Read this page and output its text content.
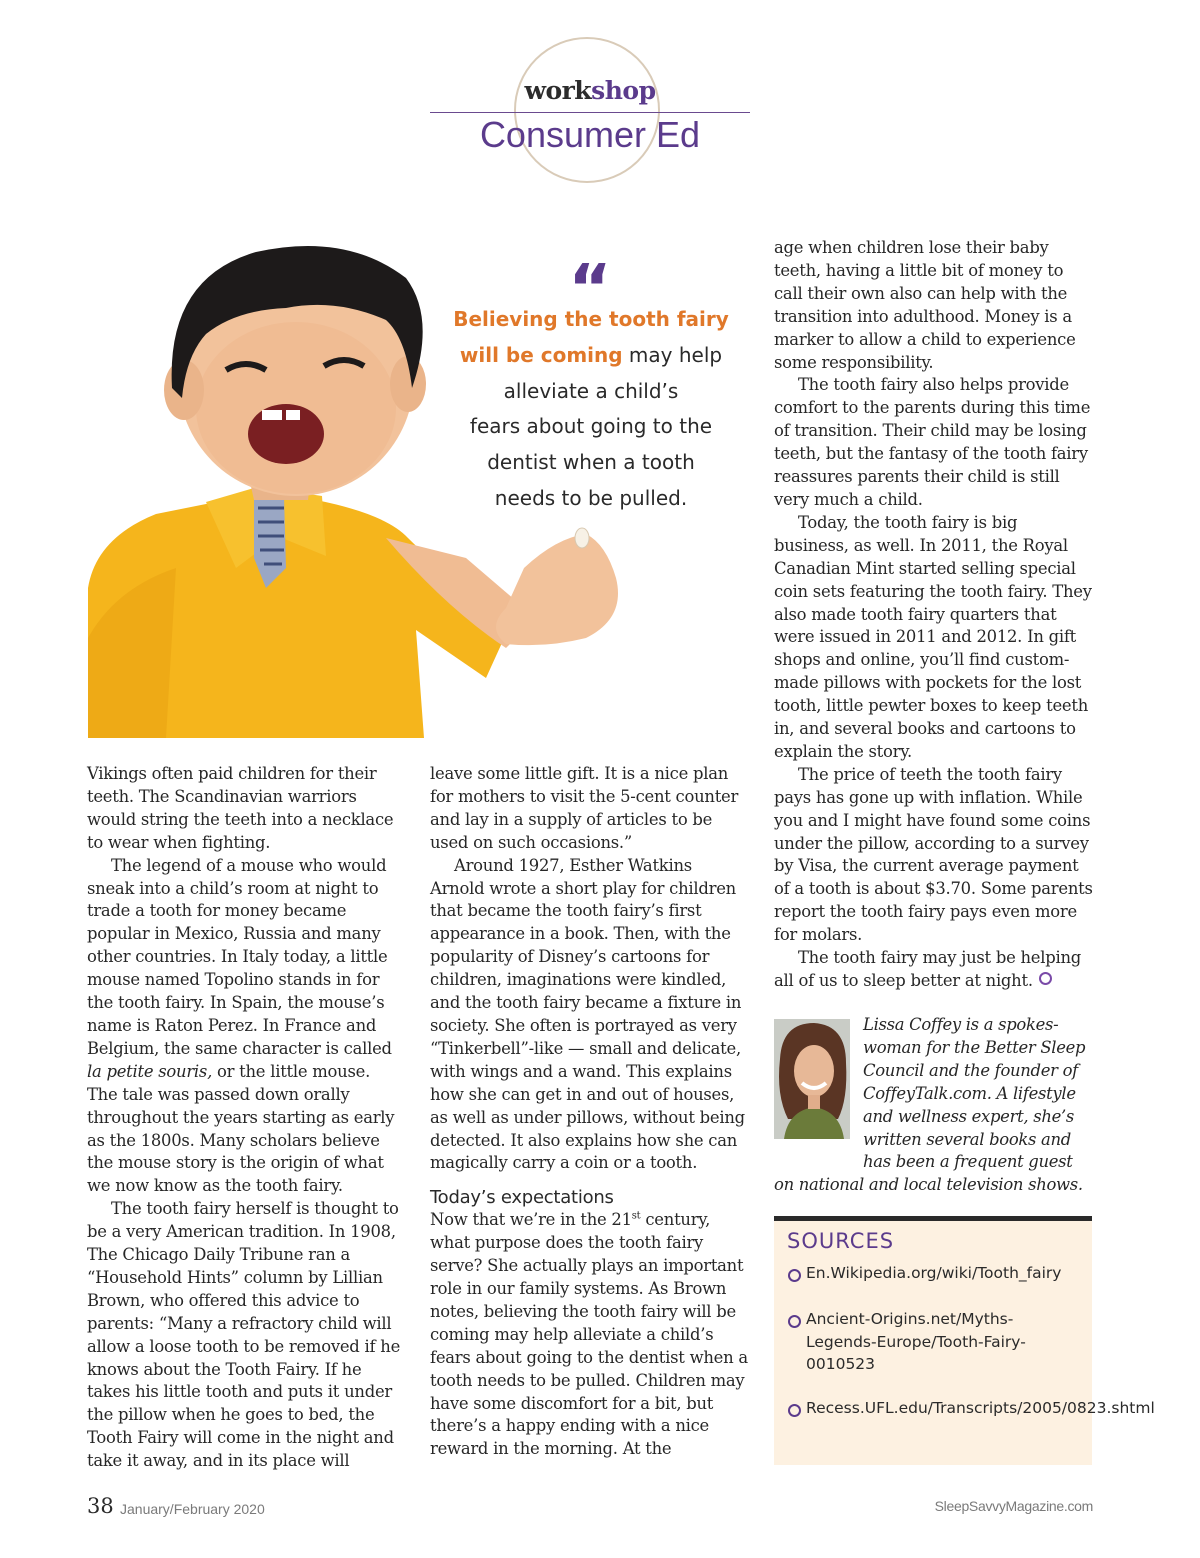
workshop
Consumer Ed
“
Believing the tooth fairy
will be coming may help
alleviate a child’s
fears about going to the
dentist when a tooth
needs to be pulled.

Vikings often paid children for their teeth. The Scandinavian warriors would string the teeth into a necklace to wear when fighting.

The legend of a mouse who would sneak into a child’s room at night to trade a tooth for money became popular in Mexico, Russia and many other countries. In Italy today, a little mouse named Topolino stands in for the tooth fairy. In Spain, the mouse’s name is Raton Perez. In France and Belgium, the same character is called la petite souris, or the little mouse. The tale was passed down orally throughout the years starting as early as the 1800s. Many scholars believe the mouse story is the origin of what we now know as the tooth fairy.

The tooth fairy herself is thought to be a very American tradition. In 1908, The Chicago Daily Tribune ran a “Household Hints” column by Lillian Brown, who offered this advice to parents: “Many a refractory child will allow a loose tooth to be removed if he knows about the Tooth Fairy. If he takes his little tooth and puts it under the pillow when he goes to bed, the Tooth Fairy will come in the night and take it away, and in its place will

leave some little gift. It is a nice plan for mothers to visit the 5-cent counter and lay in a supply of articles to be used on such occasions.”

Around 1927, Esther Watkins Arnold wrote a short play for children that became the tooth fairy’s first appearance in a book. Then, with the popularity of Disney’s cartoons for children, imaginations were kindled, and the tooth fairy became a fixture in society. She often is portrayed as very “Tinkerbell”-like — small and delicate, with wings and a wand. This explains how she can get in and out of houses, as well as under pillows, without being detected. It also explains how she can magically carry a coin or a tooth.

Today’s expectations

Now that we’re in the 21st century, what purpose does the tooth fairy serve? She actually plays an important role in our family systems. As Brown notes, believing the tooth fairy will be coming may help alleviate a child’s fears about going to the dentist when a tooth needs to be pulled. Children may have some discomfort for a bit, but there’s a happy ending with a nice reward in the morning. At the

age when children lose their baby teeth, having a little bit of money to call their own also can help with the transition into adulthood. Money is a marker to allow a child to experience some responsibility.

The tooth fairy also helps provide comfort to the parents during this time of transition. Their child may be losing teeth, but the fantasy of the tooth fairy reassures parents their child is still very much a child.

Today, the tooth fairy is big business, as well. In 2011, the Royal Canadian Mint started selling special coin sets featuring the tooth fairy. They also made tooth fairy quarters that were issued in 2011 and 2012. In gift shops and online, you’ll find custom-made pillows with pockets for the lost tooth, little pewter boxes to keep teeth in, and several books and cartoons to explain the story.

The price of teeth the tooth fairy pays has gone up with inflation. While you and I might have found some coins under the pillow, according to a survey by Visa, the current average payment of a tooth is about $3.70. Some parents report the tooth fairy pays even more for molars.

The tooth fairy may just be helping all of us to sleep better at night.

Lissa Coffey is a spokes-woman for the Better Sleep Council and the founder of CoffeyTalk.com. A lifestyle and wellness expert, she’s written several books and has been a frequent guest on national and local television shows.
SOURCES
En.Wikipedia.org/wiki/Tooth_fairy
Ancient-Origins.net/Myths-Legends-Europe/Tooth-Fairy-0010523
Recess.UFL.edu/Transcripts/2005/0823.shtml
38 January/February 2020	SleepSavvyMagazine.com
